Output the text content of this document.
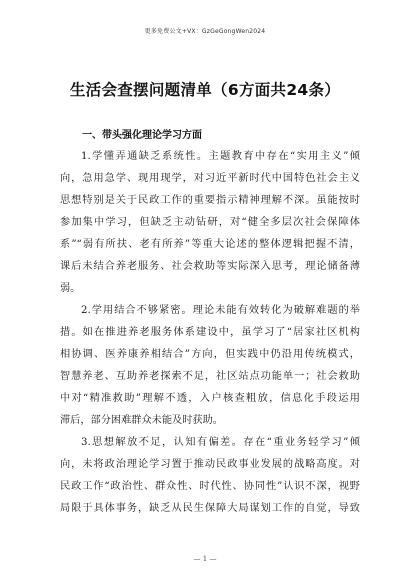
更多免费公文+VX：GzGeGongWen2024
生活会查摆问题清单（6方面共24条）
一、带头强化理论学习方面
1.学懂弄通缺乏系统性。主题教育中存在“实用主义”倾
向，急用急学、现用现学，对习近平新时代中国特色社会主义
思想特别是关于民政工作的重要指示精神理解不深。虽能按时
参加集中学习，但缺乏主动钻研，对“健全多层次社会保障体
系”“弱有所扶、老有所养”等重大论述的整体逻辑把握不清，
课后未结合养老服务、社会救助等实际深入思考，理论储备薄
弱。
2.学用结合不够紧密。理论未能有效转化为破解难题的举
措。如在推进养老服务体系建设中，虽学习了“居家社区机构
相协调、医养康养相结合”方向，但实践中仍沿用传统模式，
智慧养老、互助养老探索不足，社区站点功能单一；社会救助
中对“精准救助”理解不透，入户核查粗放，信息化手段运用
滞后，部分困难群众未能及时获助。
3.思想解放不足，认知有偏差。存在“重业务轻学习”倾
向，未将政治理论学习置于推动民政事业发展的战略高度。对
民政工作“政治性、群众性、时代性、协同性”认识不深，视野
局限于具体事务，缺乏从民生保障大局谋划工作的自觉，导致
— 1 —
